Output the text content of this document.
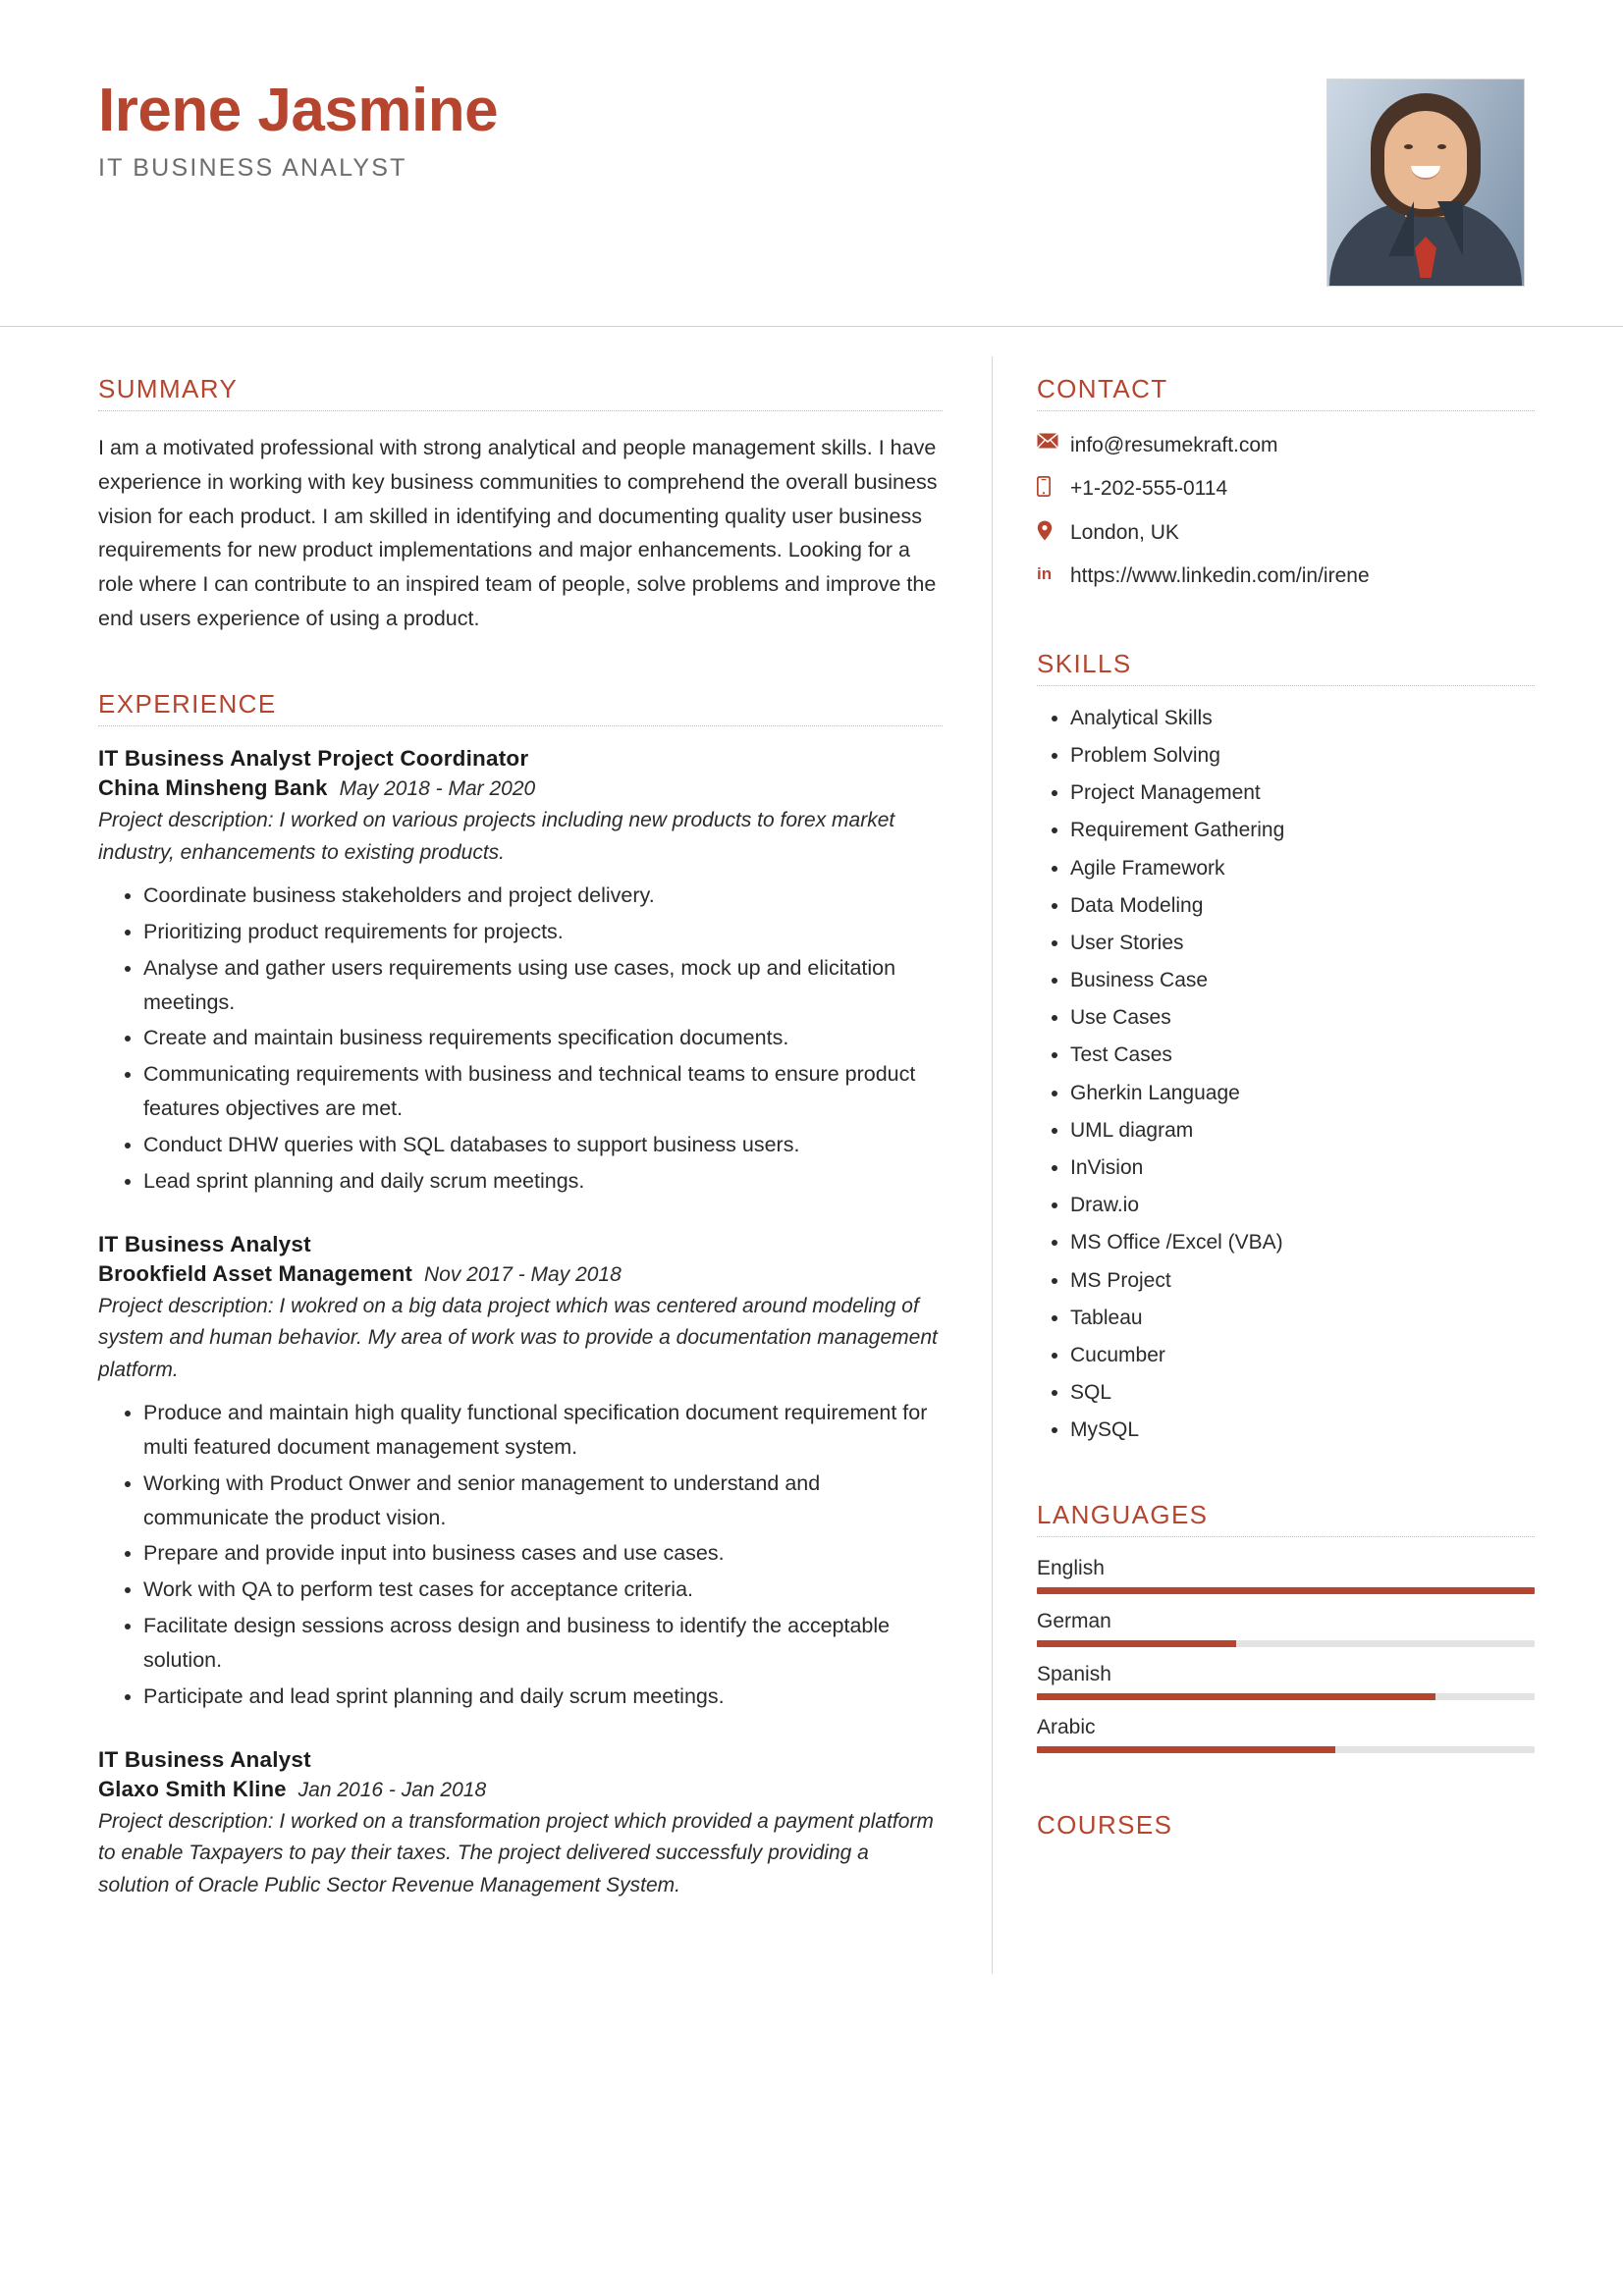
Irene Jasmine
IT BUSINESS ANALYST
SUMMARY

I am a motivated professional with strong analytical and people management skills. I have experience in working with key business communities to comprehend the overall business vision for each product. I am skilled in identifying and documenting quality user business requirements for new product implementations and major enhancements. Looking for a role where I can contribute to an inspired team of people, solve problems and improve the end users experience of using a product.

EXPERIENCE
IT Business Analyst Project Coordinator
China Minsheng Bank May 2018 - Mar 2020
Project description: I worked on various projects including new products to forex market industry, enhancements to existing products.
• Coordinate business stakeholders and project delivery.
• Prioritizing product requirements for projects.
• Analyse and gather users requirements using use cases, mock up and elicitation meetings.
• Create and maintain business requirements specification documents.
• Communicating requirements with business and technical teams to ensure product features objectives are met.
• Conduct DHW queries with SQL databases to support business users.
• Lead sprint planning and daily scrum meetings.
IT Business Analyst
Brookfield Asset Management Nov 2017 - May 2018
Project description: I wokred on a big data project which was centered around modeling of system and human behavior. My area of work was to provide a documentation management platform.
• Produce and maintain high quality functional specification document requirement for multi featured document management system.
• Working with Product Onwer and senior management to understand and communicate the product vision.
• Prepare and provide input into business cases and use cases.
• Work with QA to perform test cases for acceptance criteria.
• Facilitate design sessions across design and business to identify the acceptable solution.
• Participate and lead sprint planning and daily scrum meetings.
IT Business Analyst
Glaxo Smith Kline Jan 2016 - Jan 2018
Project description: I worked on a transformation project which provided a payment platform to enable Taxpayers to pay their taxes. The project delivered successfuly providing a solution of Oracle Public Sector Revenue Management System.
CONTACT
info@resumekraft.com
+1-202-555-0114
London, UK
in https://www.linkedin.com/in/irene
SKILLS
• Analytical Skills
• Problem Solving
• Project Management
• Requirement Gathering
• Agile Framework
• Data Modeling
• User Stories
• Business Case
• Use Cases
• Test Cases
• Gherkin Language
• UML diagram
• InVision
• Draw.io
• MS Office /Excel (VBA)
• MS Project
• Tableau
• Cucumber
• SQL
• MySQL
LANGUAGES
English
German
Spanish
Arabic
COURSES
